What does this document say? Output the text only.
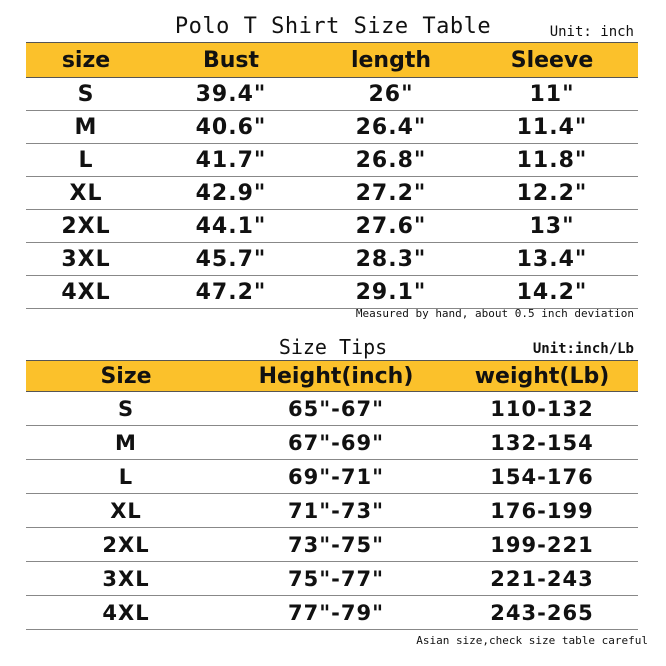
Polo T Shirt Size Table	Unit: inch
size	Bust	length	Sleeve
S	39.4"	26"	11"
M	40.6"	26.4"	11.4"
L	41.7"	26.8"	11.8"
XL	42.9"	27.2"	12.2"
2XL	44.1"	27.6"	13"
3XL	45.7"	28.3"	13.4"
4XL	47.2"	29.1"	14.2"
Measured by hand, about 0.5 inch deviation
Size Tips	Unit:inch/Lb
Size	Height(inch)	weight(Lb)
S	65"-67"	110-132
M	67"-69"	132-154
L	69"-71"	154-176
XL	71"-73"	176-199
2XL	73"-75"	199-221
3XL	75"-77"	221-243
4XL	77"-79"	243-265
Asian size,check size table careful
